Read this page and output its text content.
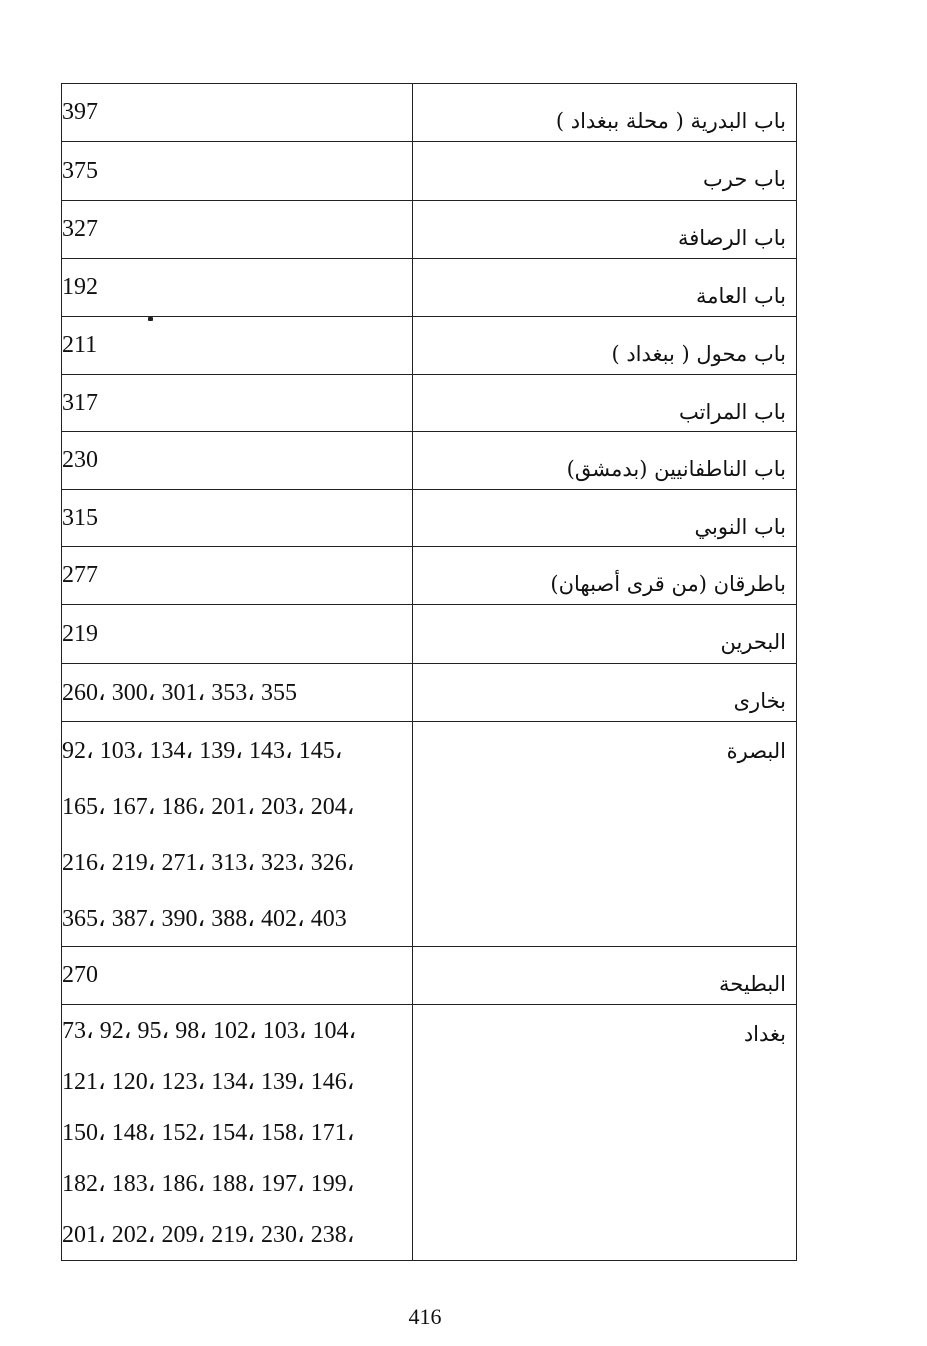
397	باب البدرية ( محلة ببغداد )

375	باب حرب

327	باب الرصافة

192	باب العامة

211	باب محول ( ببغداد )

317	باب المراتب

230	باب الناطفانيين (بدمشق)

315	باب النوبي

277	باطرقان (من قرى أصبهان)

219	البحرين

260، 300، 301، 353، 355	بخارى

92، 103، 134، 139، 143، 145،
165، 167، 186، 201، 203، 204،
216، 219، 271، 313، 323، 326،
365، 387، 390، 388، 402، 403	البصرة

270	البطيحة

73، 92، 95، 98، 102، 103، 104،
121، 120، 123، 134، 139، 146،
150، 148، 152، 154، 158، 171،
182، 183، 186، 188، 197، 199،
201، 202، 209، 219، 230، 238،	بغداد
416
